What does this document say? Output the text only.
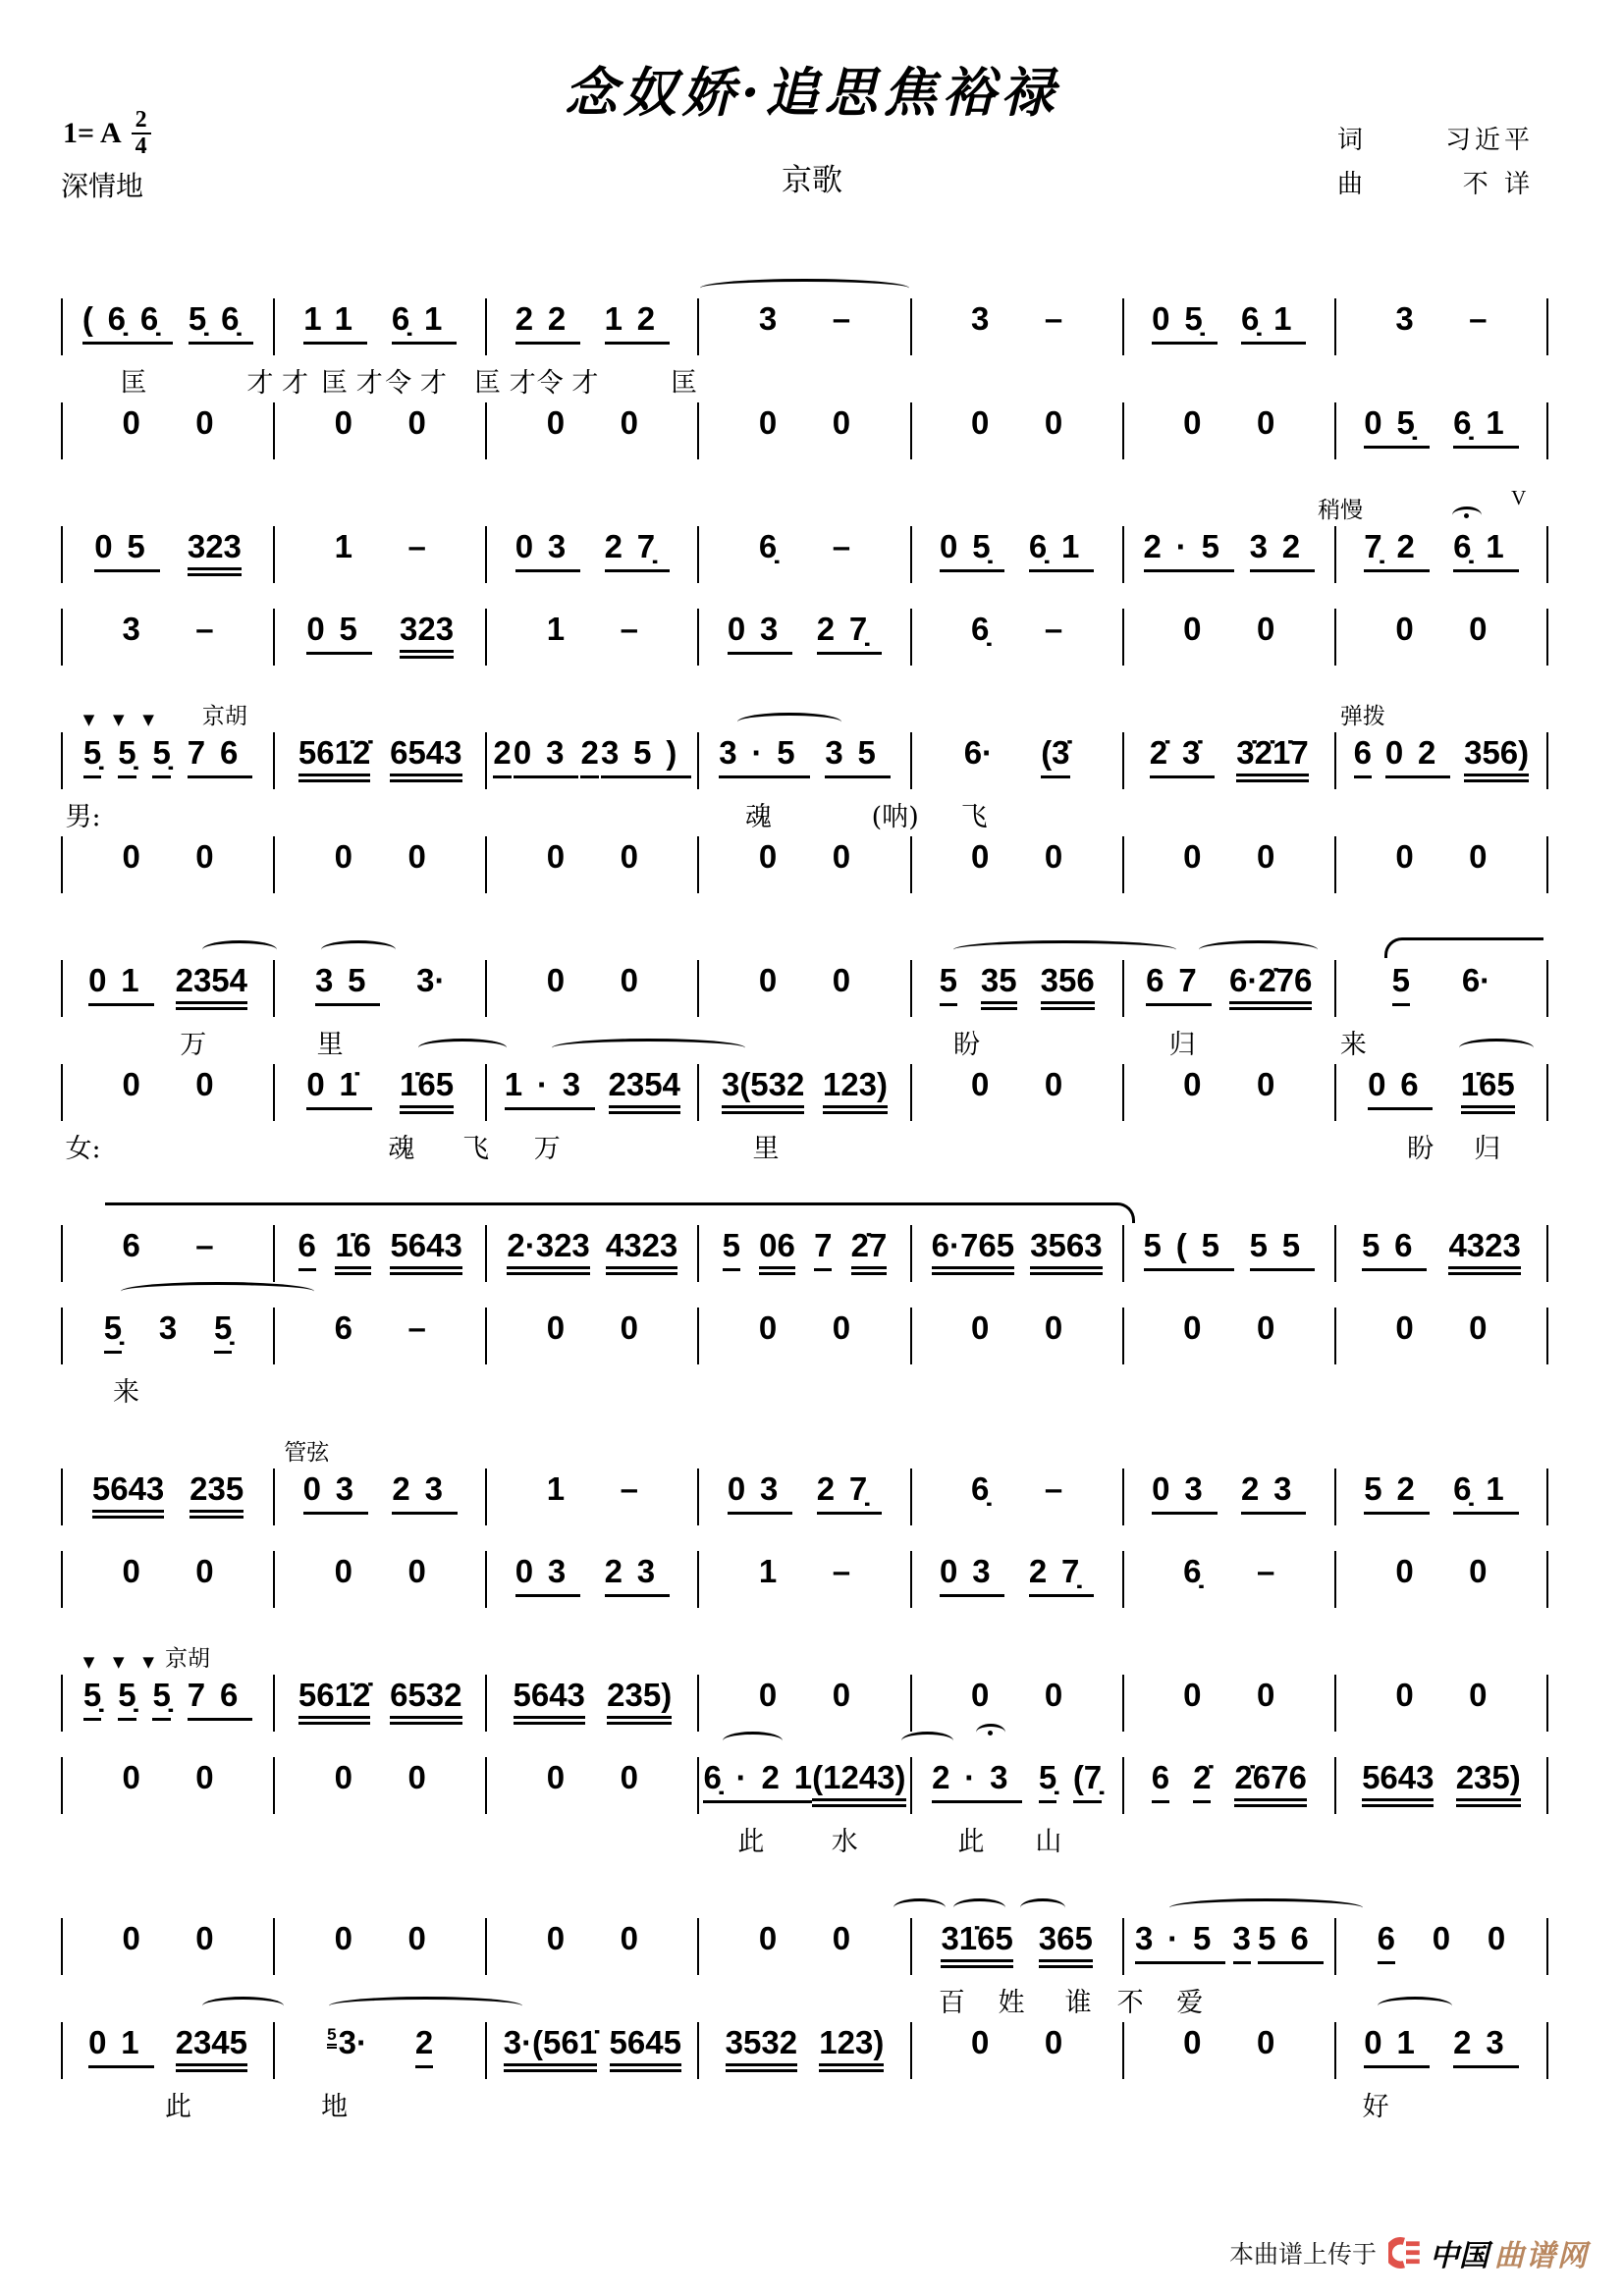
念奴娇·追思焦裕禄
京歌
1= A $\frac{2}{4}$
深情地
词	习近平
曲	不 详
(6̣6̣ 5̣6̣ 11 6̣1 22 12	3 –	3 –	05̣ 6̣1	3 –
匡	才 才 匡 才 令 才 匡 才 令 才	匡
0 0	0 0	0 0	0 0	0 0	0 0	05̣ 6̣1
稍慢	V
05 323	1 –	03 27̣	6̣ –	05̣ 6̣1 2·5 32 7̣2 6̣1
3 –	05 323	1 –	03 27̣	6̣ –	0 0	0 0
▼ ▼ ▼ 京胡	弹拨
5̣ 5̣ 5̣ 76 561̇2̇ 6543 2 03 2 35) 3·5 35 6· (3̇ 2̇3̇ 3̇2̇1̇7 6 02 356)
男:	魂	(呐) 飞
0 0	0 0	0 0	0 0	0 0	0 0	0 0
01 2354 35 3·	0 0	0 0	5 35 356 67 6·2̇76 5 6·
万	里	盼	归	来
0 0	01̇ 1̇65 1·3 2354 3(532 123)	0 0	0 0	06 1̇65
女:	魂 飞 万	里	盼 归
6 –	6 1̇6 5643 2·323 4323 5 06 7 2̇7 6·765 3563 5(5 55 56 4323
5̣ 3 5̣	6 –	0 0	0 0	0 0	0 0	0 0
来
管弦
5643 235 03 23	1 –	03 27̣	6̣ –	03 23 52 6̣1
0 0	0 0	03 23	1 –	03 27̣	6̣ –	0 0
▼ ▼ ▼ 京胡
5̣ 5̣ 5̣ 76 561̇2̇ 6532 5643 235)	0 0	0 0	0 0	0 0
0 0	0 0	0 0 6̣·2 1 (1243) 2·3 5̣ (7̣ 6 2̇ 2̇676 5643 235)
此	水	此 山
0 0	0 0	0 0	0 0	31̇65 365 3·5 3 56 6 0 0
百 姓 谁 不 爱
01 2345	$^5$3· 2 3·(561̇ 5645 3532 123)	0 0	0 0	01 23
此	地	好
本曲谱上传于 中国 曲谱网
